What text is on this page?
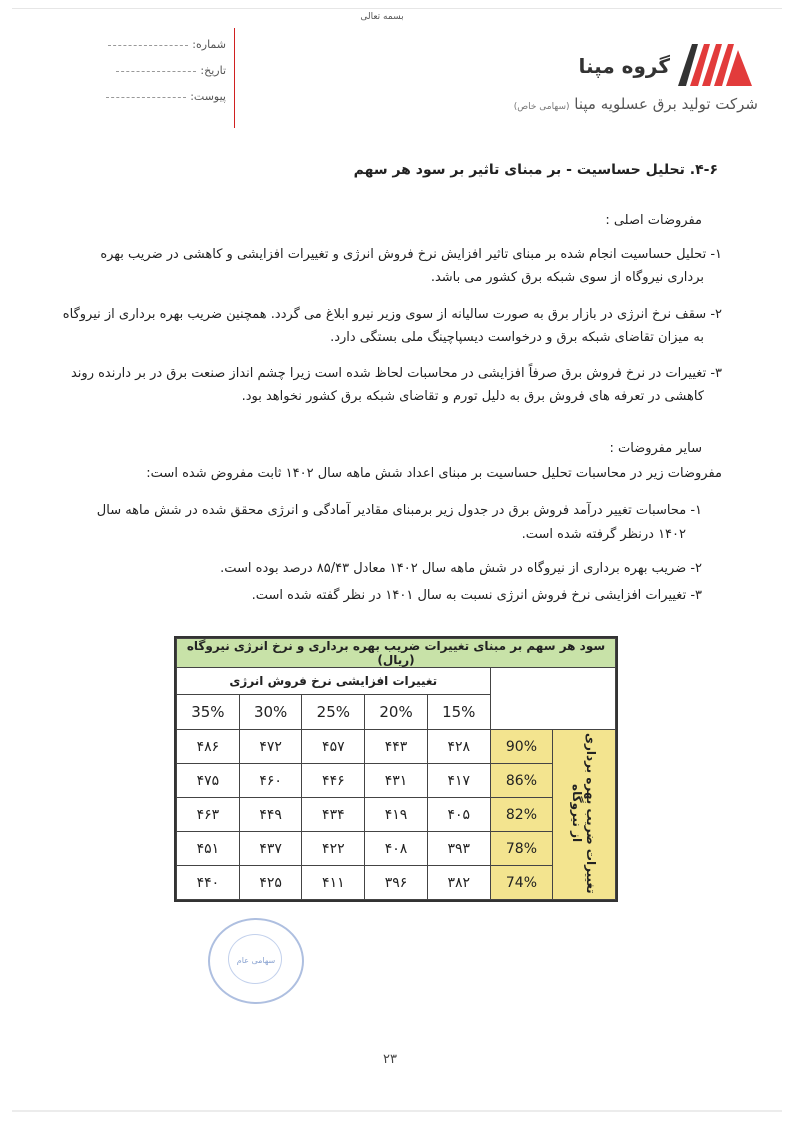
بسمه تعالی
گروه مپنا
شرکت تولید برق عسلویه مپنا (سهامی خاص)
شماره:
تاریخ:
پیوست:
۴-۶. تحلیل حساسیت - بر مبنای تاثیر بر سود هر سهم
مفروضات اصلی :
۱- تحلیل حساسیت انجام شده بر مبنای تاثیر افزایش نرخ فروش انرژی و تغییرات افزایشی و کاهشی در ضریب بهره
برداری نیروگاه از سوی شبکه برق کشور می باشد.
۲- سقف نرخ انرژی در بازار برق به صورت سالیانه از سوی وزیر نیرو ابلاغ می گردد. همچنین ضریب بهره برداری از نیروگاه
به میزان تقاضای شبکه برق و درخواست دیسپاچینگ ملی بستگی دارد.
۳- تغییرات در نرخ فروش برق صرفاً افزایشی در محاسبات لحاظ شده است زیرا چشم انداز صنعت برق در بر دارنده روند
کاهشی در تعرفه های فروش برق به دلیل تورم و تقاضای شبکه برق کشور نخواهد بود.
سایر مفروضات :
مفروضات زیر در محاسبات تحلیل حساسیت بر مبنای اعداد شش ماهه سال ۱۴۰۲ ثابت مفروض شده است:
۱- محاسبات تغییر درآمد فروش برق در جدول زیر برمبنای مقادیر آمادگی و انرژی محقق شده در شش ماهه سال
۱۴۰۲ درنظر گرفته شده است.
۲- ضریب بهره برداری از نیروگاه در شش ماهه سال ۱۴۰۲ معادل ۸۵/۴۳ درصد بوده است.
۳- تغییرات افزایشی نرخ فروش انرژی نسبت به سال ۱۴۰۱ در نظر گفته شده است.
سود هر سهم بر مبنای تغییرات ضریب بهره برداری و نرخ انرژی نیروگاه (ریال)						
		تغییرات افزایشی نرخ فروش انرژی				
		15%	20%	25%	30%	35%
تغییرات ضریب بهره برداری از نیروگاه	90%	۴۲۸	۴۴۳	۴۵۷	۴۷۲	۴۸۶
	86%	۴۱۷	۴۳۱	۴۴۶	۴۶۰	۴۷۵
	82%	۴۰۵	۴۱۹	۴۳۴	۴۴۹	۴۶۳
	78%	۳۹۳	۴۰۸	۴۲۲	۴۳۷	۴۵۱
	74%	۳۸۲	۳۹۶	۴۱۱	۴۲۵	۴۴۰
سهامی عام
۲۳
